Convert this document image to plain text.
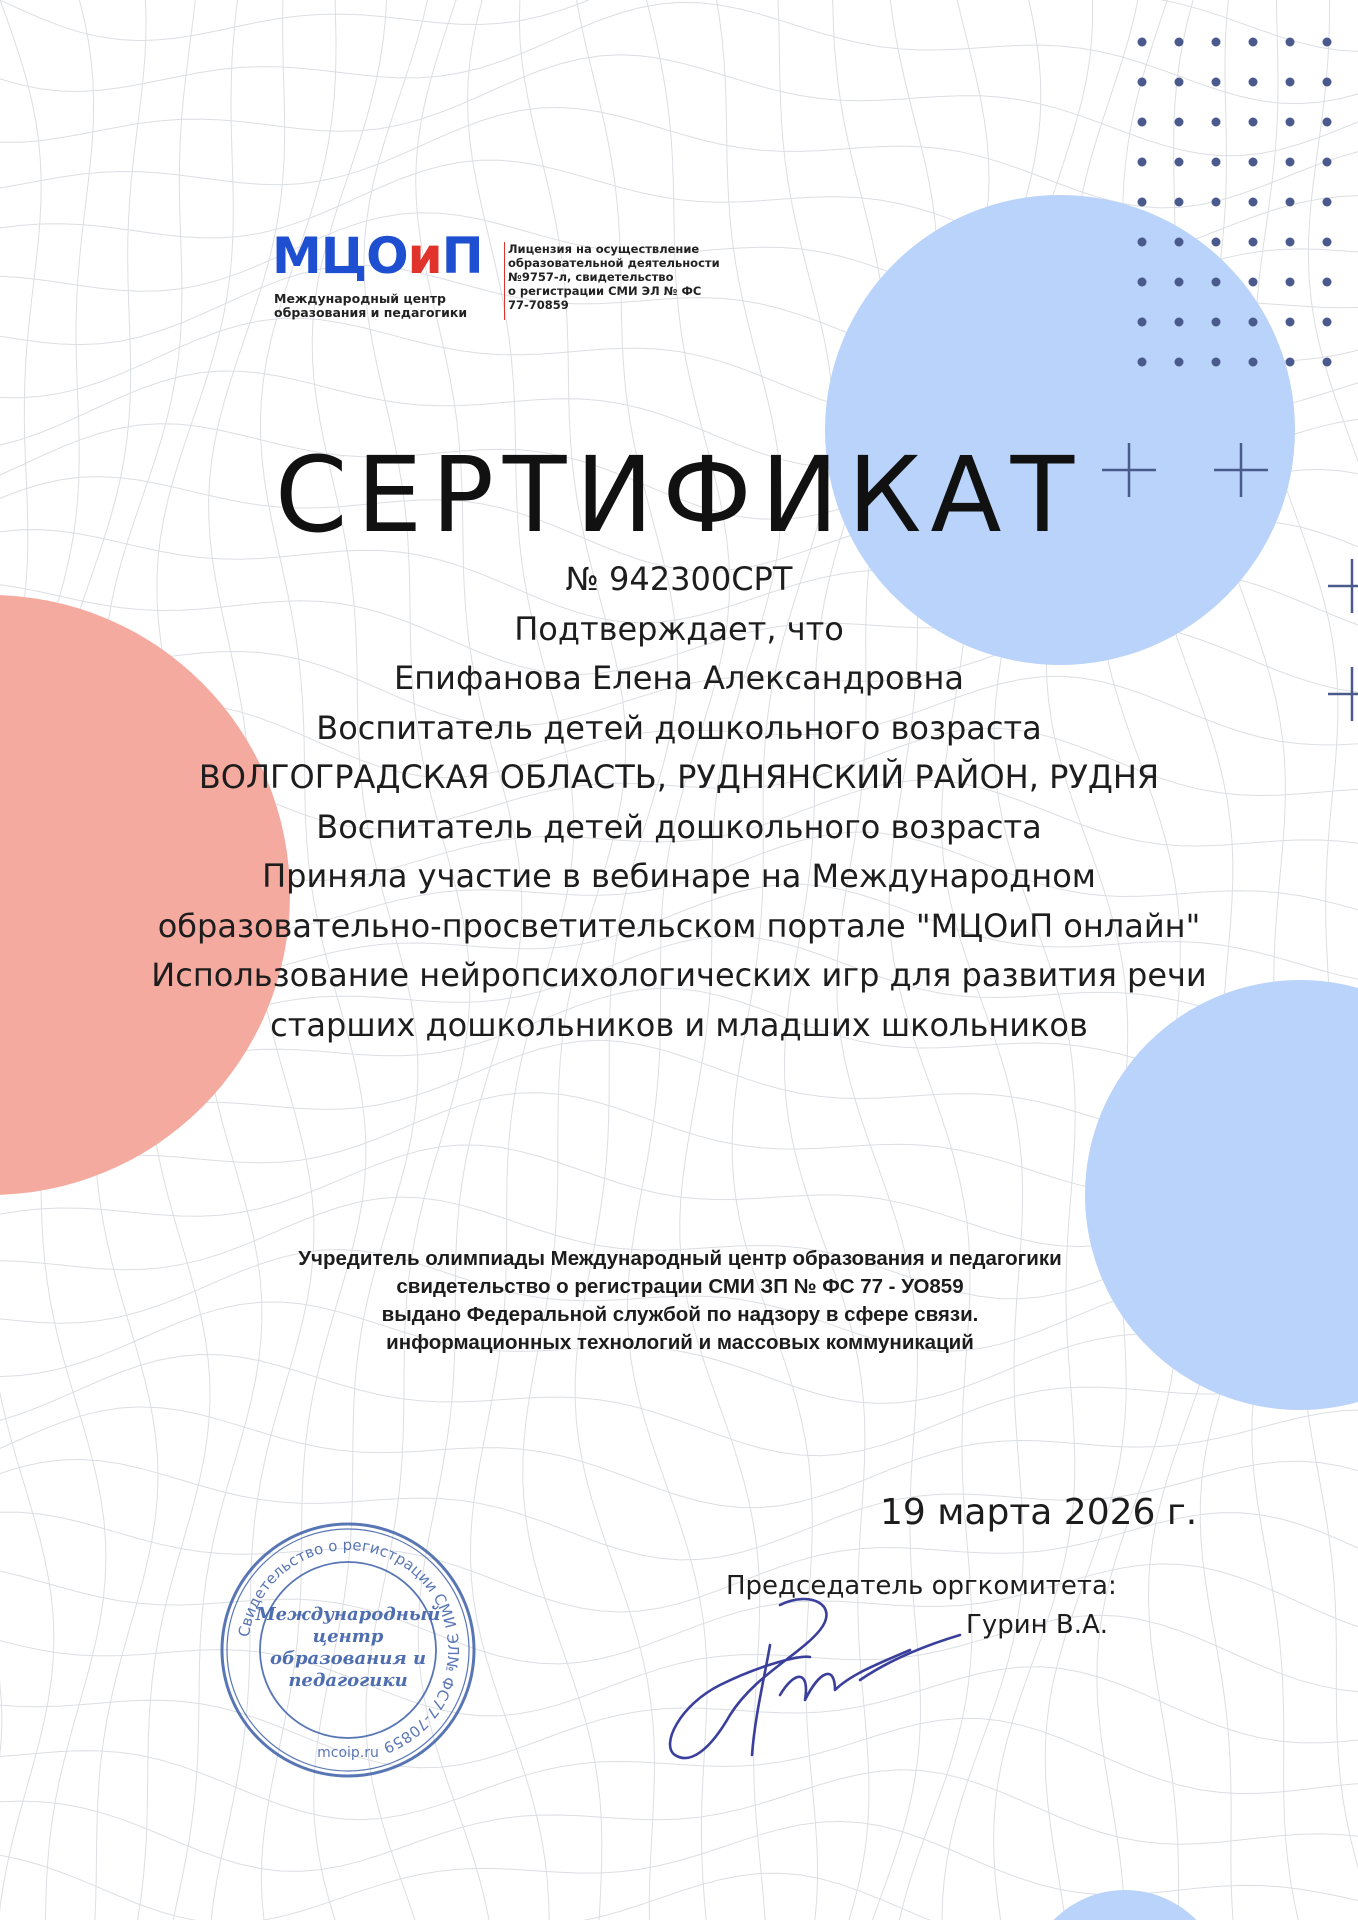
МЦОиП
Международный центр
образования и педагогики
Лицензия на осуществление
образовательной деятельности
№9757-л, свидетельство
о регистрации СМИ ЭЛ № ФС
77-70859
СЕРТИФИКАТ
№ 942300СРТ
Подтверждает, что
Епифанова Елена Александровна
Воспитатель детей дошкольного возраста
ВОЛГОГРАДСКАЯ ОБЛАСТЬ, РУДНЯНСКИЙ РАЙОН, РУДНЯ
Воспитатель детей дошкольного возраста
Приняла участие в вебинаре на Международном
образовательно-просветительском портале "МЦОиП онлайн"
Использование нейропсихологических игр для развития речи
старших дошкольников и младших школьников
Учредитель олимпиады Международный центр образования и педагогики
свидетельство о регистрации СМИ ЗП № ФС 77 - УО859
выдано Федеральной службой по надзору в сфере связи.
информационных технологий и массовых коммуникаций
19 марта 2026 г.
Председатель оргкомитета:
Гурин В.А.
Свидетельство о регистрации СМИ ЭЛ№ ФС77-70859
Международный
центр
образования и
педагогики
mcoip.ru
